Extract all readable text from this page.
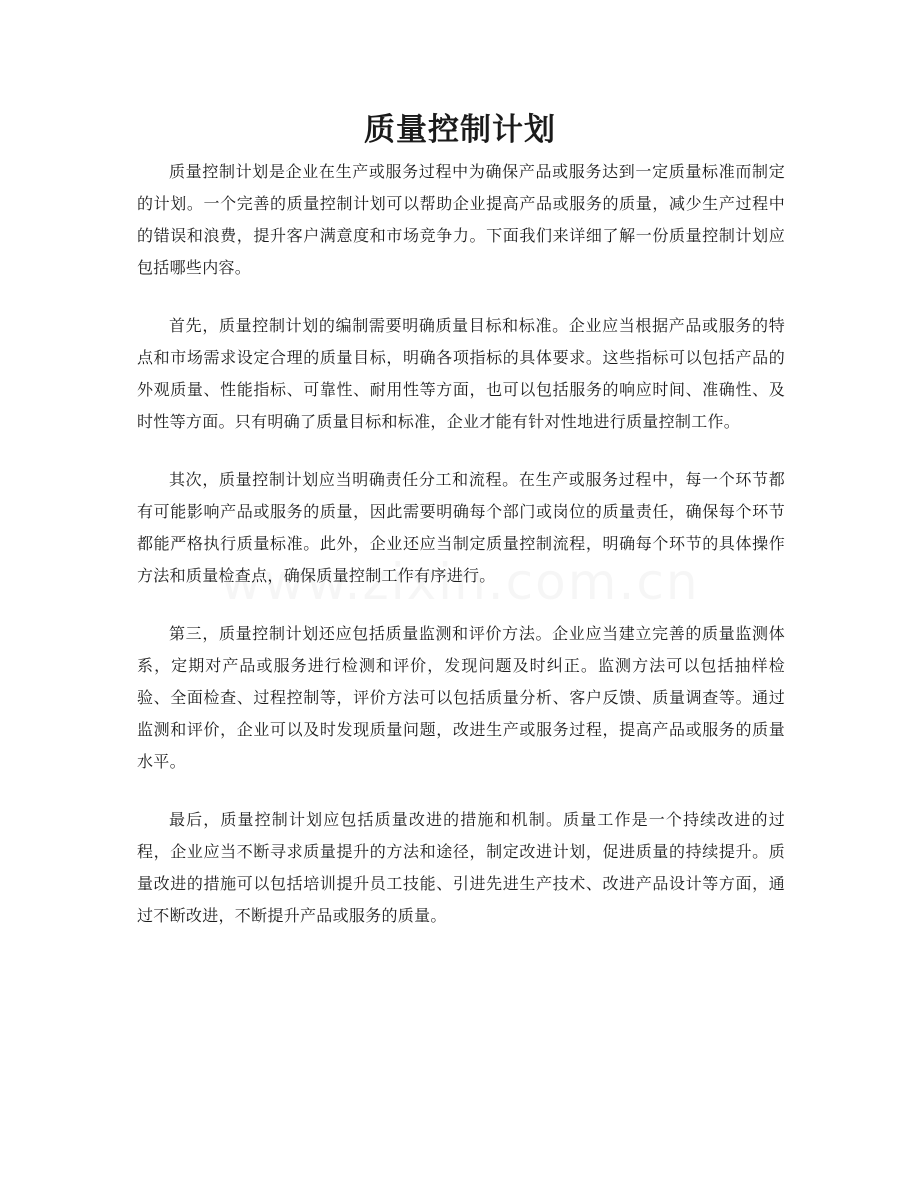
质量控制计划

质量控制计划是企业在生产或服务过程中为确保产品或服务达到一定质量标准而制定的计划。一个完善的质量控制计划可以帮助企业提高产品或服务的质量，减少生产过程中的错误和浪费，提升客户满意度和市场竞争力。下面我们来详细了解一份质量控制计划应包括哪些内容。

首先，质量控制计划的编制需要明确质量目标和标准。企业应当根据产品或服务的特点和市场需求设定合理的质量目标，明确各项指标的具体要求。这些指标可以包括产品的外观质量、性能指标、可靠性、耐用性等方面，也可以包括服务的响应时间、准确性、及时性等方面。只有明确了质量目标和标准，企业才能有针对性地进行质量控制工作。

其次，质量控制计划应当明确责任分工和流程。在生产或服务过程中，每一个环节都有可能影响产品或服务的质量，因此需要明确每个部门或岗位的质量责任，确保每个环节都能严格执行质量标准。此外，企业还应当制定质量控制流程，明确每个环节的具体操作方法和质量检查点，确保质量控制工作有序进行。

第三，质量控制计划还应包括质量监测和评价方法。企业应当建立完善的质量监测体系，定期对产品或服务进行检测和评价，发现问题及时纠正。监测方法可以包括抽样检验、全面检查、过程控制等，评价方法可以包括质量分析、客户反馈、质量调查等。通过监测和评价，企业可以及时发现质量问题，改进生产或服务过程，提高产品或服务的质量水平。

最后，质量控制计划应包括质量改进的措施和机制。质量工作是一个持续改进的过程，企业应当不断寻求质量提升的方法和途径，制定改进计划，促进质量的持续提升。质量改进的措施可以包括培训提升员工技能、引进先进生产技术、改进产品设计等方面，通过不断改进，不断提升产品或服务的质量。
